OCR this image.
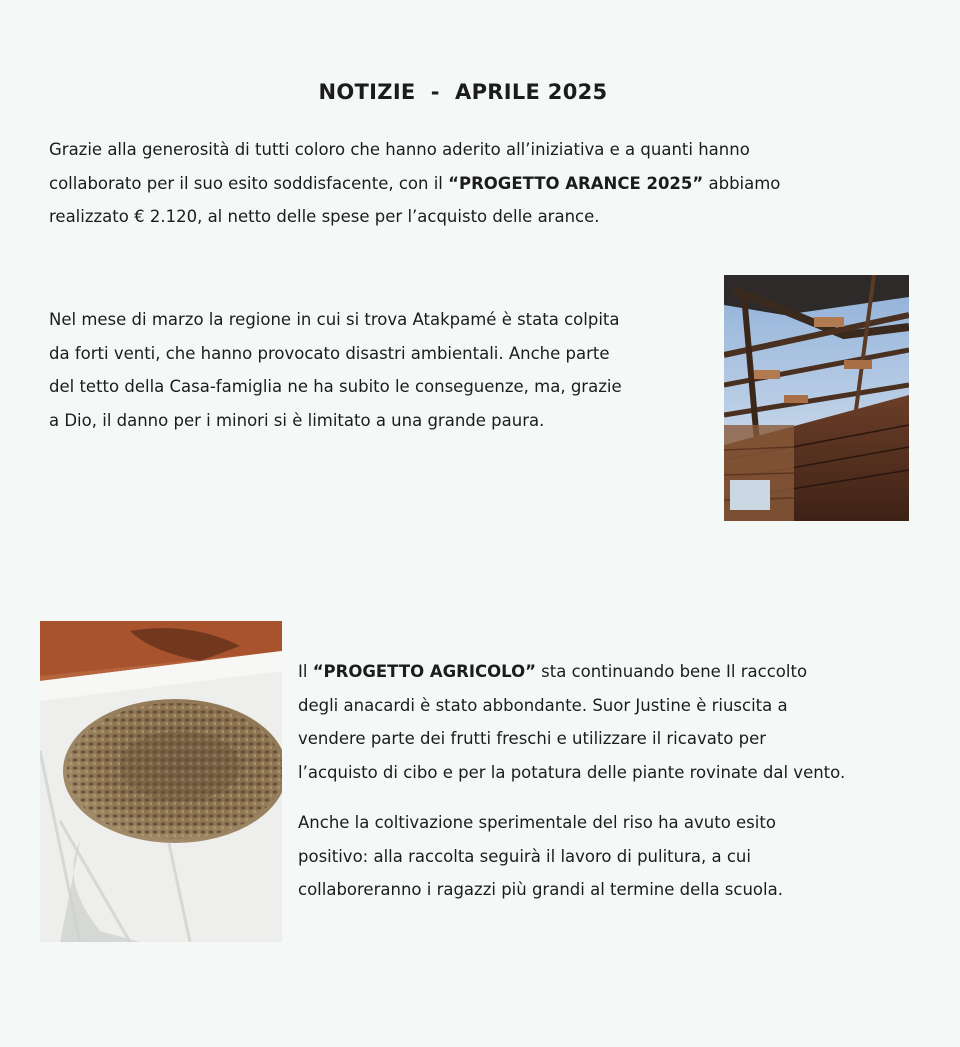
NOTIZIE  -  APRILE 2025

Grazie alla generosità di tutti coloro che hanno aderito all’iniziativa e a quanti hanno
collaborato per il suo esito soddisfacente, con il “PROGETTO ARANCE 2025” abbiamo
realizzato € 2.120, al netto delle spese per l’acquisto delle arance.

Nel mese di marzo la regione in cui si trova Atakpamé è stata colpita
da forti venti, che hanno provocato disastri ambientali. Anche parte
del tetto della Casa-famiglia ne ha subito le conseguenze, ma, grazie
a Dio, il danno per i minori si è limitato a una grande paura.

Il “PROGETTO AGRICOLO” sta continuando bene Il raccolto
degli anacardi è stato abbondante. Suor Justine è riuscita a
vendere parte dei frutti freschi e utilizzare il ricavato per
l’acquisto di cibo e per la potatura delle piante rovinate dal vento.

Anche la coltivazione sperimentale del riso ha avuto esito
positivo: alla raccolta seguirà il lavoro di pulitura, a cui
collaboreranno i ragazzi più grandi al termine della scuola.
